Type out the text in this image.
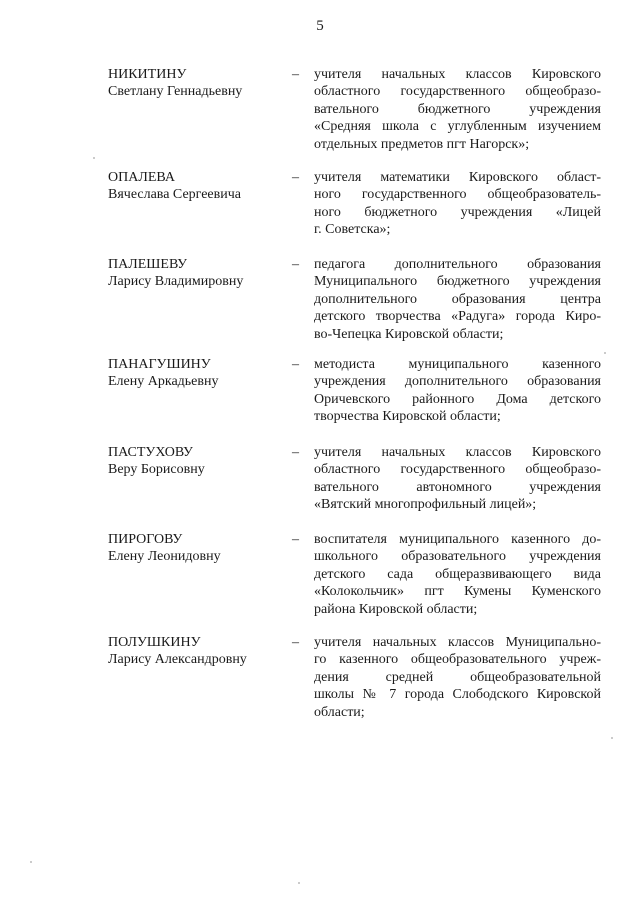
5
НИКИТИНУ
Светлану Геннадьевну
– учителя начальных классов Кировского
областного государственного общеобразо-
вательного бюджетного учреждения
«Средняя школа с углубленным изучением
отдельных предметов пгт Нагорск»;
ОПАЛЕВА
Вячеслава Сергеевича
– учителя математики Кировского област-
ного государственного общеобразователь-
ного бюджетного учреждения «Лицей
г. Советска»;
ПАЛЕШЕВУ
Ларису Владимировну
– педагога дополнительного образования
Муниципального бюджетного учреждения
дополнительного образования центра
детского творчества «Радуга» города Киро-
во-Чепецка Кировской области;
ПАНАГУШИНУ
Елену Аркадьевну
– методиста муниципального казенного
учреждения дополнительного образования
Оричевского районного Дома детского
творчества Кировской области;
ПАСТУХОВУ
Веру Борисовну
– учителя начальных классов Кировского
областного государственного общеобразо-
вательного автономного учреждения
«Вятский многопрофильный лицей»;
ПИРОГОВУ
Елену Леонидовну
– воспитателя муниципального казенного до-
школьного образовательного учреждения
детского сада общеразвивающего вида
«Колокольчик» пгт Кумены Куменского
района Кировской области;
ПОЛУШКИНУ
Ларису Александровну
– учителя начальных классов Муниципально-
го казенного общеобразовательного учреж-
дения средней общеобразовательной
школы № 7 города Слободского Кировской
области;
